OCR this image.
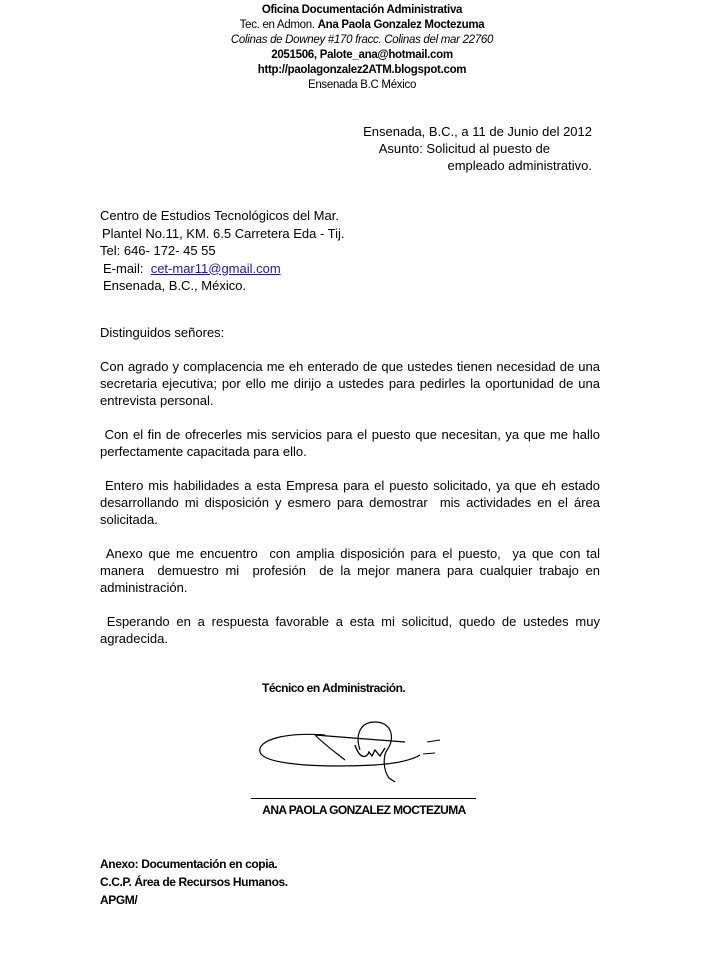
Oficina Documentación Administrativa
Tec. en Admon. Ana Paola Gonzalez Moctezuma
Colinas de Downey #170 fracc. Colinas del mar 22760
2051506, Palote_ana@hotmail.com
http://paolagonzalez2ATM.blogspot.com
Ensenada B.C México
Ensenada, B.C., a 11 de Junio del 2012
Asunto: Solicitud al puesto de
empleado administrativo.
Centro de Estudios Tecnológicos del Mar.
Plantel No.11, KM. 6.5 Carretera Eda - Tij.
Tel: 646- 172- 45 55
E-mail: cet-mar11@gmail.com
Ensenada, B.C., México.

Distinguidos señores:

Con agrado y complacencia me eh enterado de que ustedes tienen necesidad de una secretaria ejecutiva; por ello me dirijo a ustedes para pedirles la oportunidad de una entrevista personal.

Con el fin de ofrecerles mis servicios para el puesto que necesitan, ya que me hallo perfectamente capacitada para ello.

Entero mis habilidades a esta Empresa para el puesto solicitado, ya que eh estado desarrollando mi disposición y esmero para demostrar  mis actividades en el área solicitada.

Anexo que me encuentro  con amplia disposición para el puesto,  ya que con tal manera  demuestro mi  profesión  de la mejor manera para cualquier trabajo en administración.

Esperando en a respuesta favorable a esta mi solicitud, quedo de ustedes muy agradecida.

Técnico en Administración.
ANA PAOLA GONZALEZ MOCTEZUMA
Anexo: Documentación en copia.
C.C.P. Área de Recursos Humanos.
APGM/
